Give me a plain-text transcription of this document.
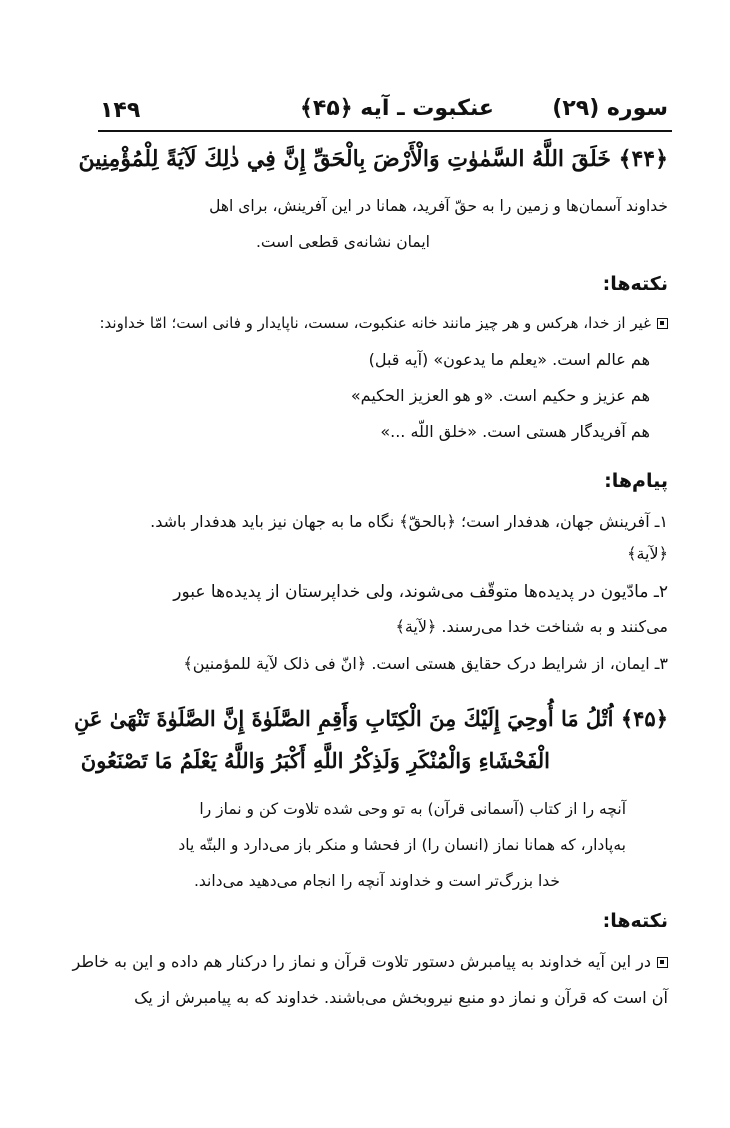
۱۴۹	عنکبوت ـ آیه ﴿۴۵﴾	سوره (۲۹)
﴿۴۴﴾ خَلَقَ اللَّهُ السَّمٰوٰتِ وَالْأَرْضَ بِالْحَقِّ إِنَّ فِي ذٰلِكَ لَآيَةً لِلْمُؤْمِنِينَ
خداوند آسمان‌ها و زمین را به حقّ آفرید، همانا در این آفرینش، برای اهل
ایمان نشانه‌ی قطعی است.
نکته‌ها:
غیر از خدا، هرکس و هر چیز مانند خانه عنکبوت، سست، ناپایدار و فانی است؛ امّا خداوند:
هم عالم است. «یعلم ما یدعون» (آیه قبل)
هم عزیز و حکیم است. «و هو العزیز الحکیم»
هم آفریدگار هستی است. «خلق اللّه ...»
پیام‌ها:
۱ـ آفرینش جهان، هدفدار است؛ ﴿بالحقّ﴾ نگاه ما به جهان نیز باید هدفدار باشد.
﴿لآیة﴾
۲ـ مادّیون در پدیده‌ها متوقّف می‌شوند، ولی خداپرستان از پدیده‌ها عبور
می‌کنند و به شناخت خدا می‌رسند. ﴿لآیة﴾
۳ـ ایمان، از شرایط درک حقایق هستی است. ﴿انّ فی ذلک لآیة للمؤمنین﴾
﴿۴۵﴾ اُتْلُ مَا أُوحِيَ إِلَيْكَ مِنَ الْكِتَابِ وَأَقِمِ الصَّلَوٰةَ إِنَّ الصَّلَوٰةَ تَنْهَىٰ عَنِ
الْفَحْشَاءِ وَالْمُنْكَرِ وَلَذِكْرُ اللَّهِ أَكْبَرُ وَاللَّهُ يَعْلَمُ مَا تَصْنَعُونَ
آنچه را از کتاب (آسمانی قرآن) به تو وحی شده تلاوت کن و نماز را
به‌پادار، که همانا نماز (انسان را) از فحشا و منکر باز می‌دارد و البتّه یاد
خدا بزرگ‌تر است و خداوند آنچه را انجام می‌دهید می‌داند.
نکته‌ها:
در این آیه خداوند به پیامبرش دستور تلاوت قرآن و نماز را درکنار هم داده و این به خاطر
آن است که قرآن و نماز دو منبع نیروبخش می‌باشند. خداوند که به پیامبرش از یک
